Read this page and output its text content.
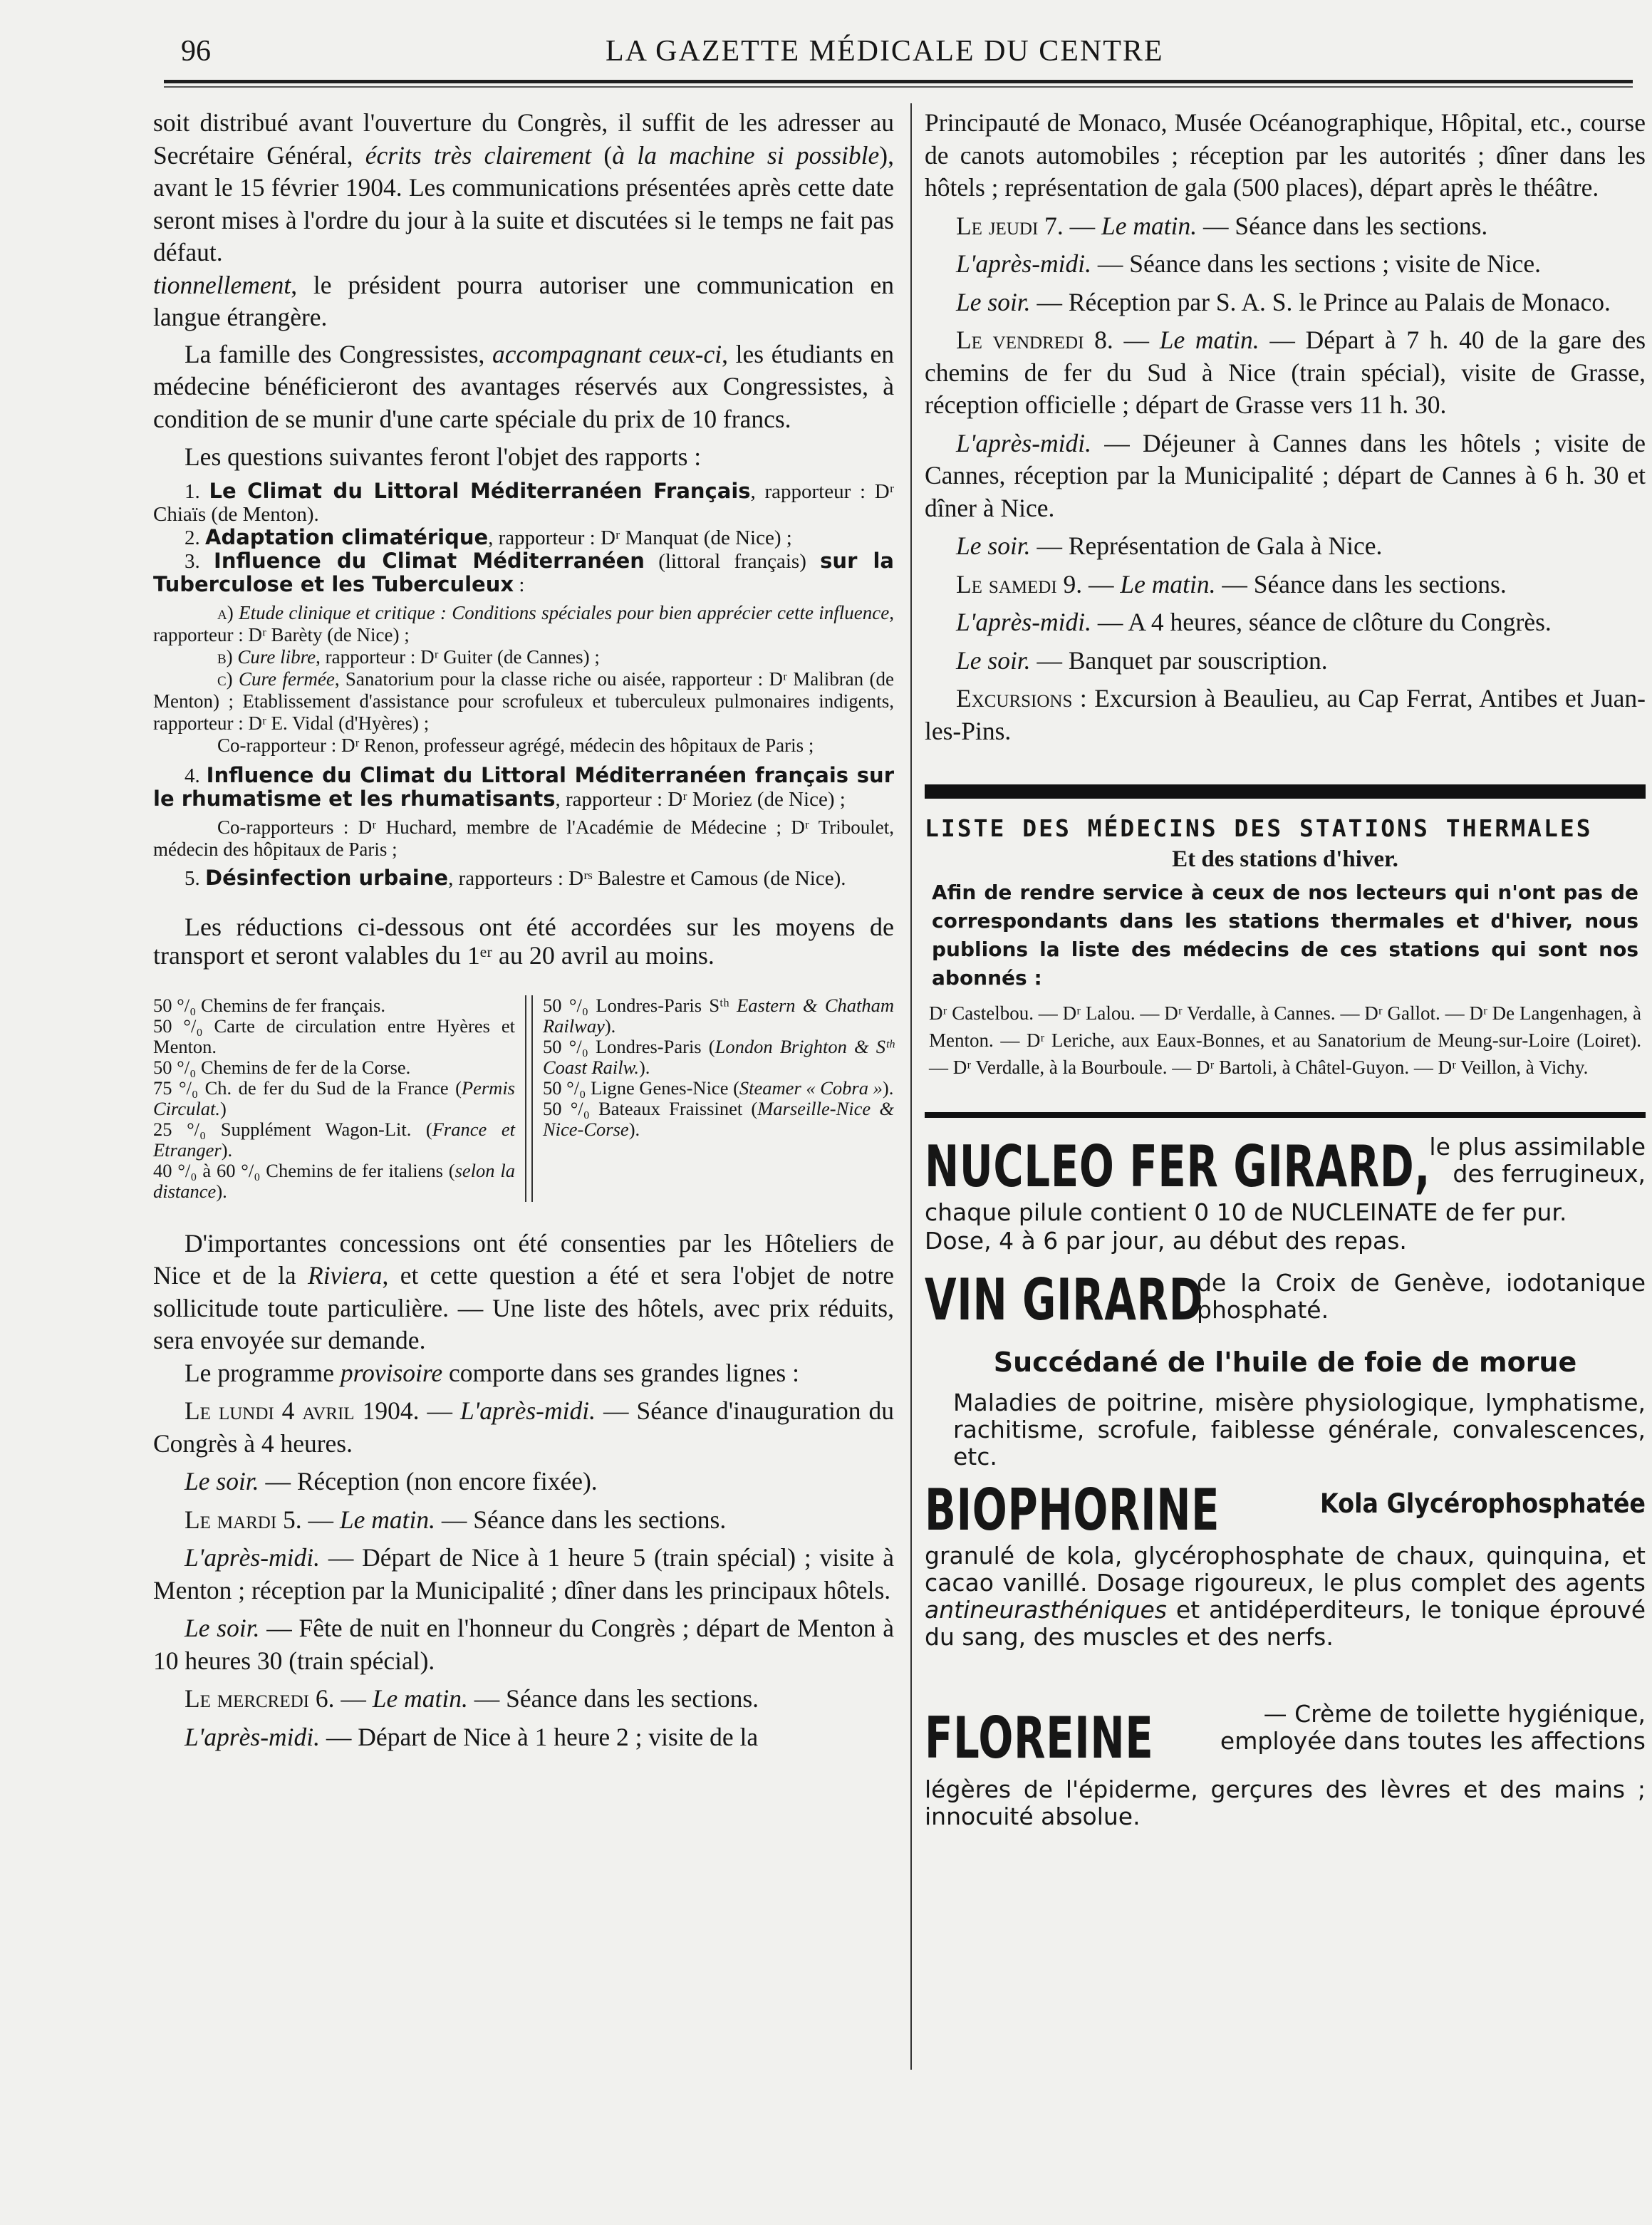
96	LA GAZETTE MÉDICALE DU CENTRE

soit distribué avant l'ouverture du Congrès, il suffit de les adresser au Secrétaire Général, écrits très clairement (à la machine si possible), avant le 15 février 1904. Les communications présentées après cette date seront mises à l'ordre du jour à la suite et discutées si le temps ne fait pas défaut.

tionnellement, le président pourra autoriser une communication en langue étrangère.

La famille des Congressistes, accompagnant ceux-ci, les étudiants en médecine bénéficieront des avantages réservés aux Congressistes, à condition de se munir d'une carte spéciale du prix de 10 francs.

Les questions suivantes feront l'objet des rapports :

1. Le Climat du Littoral Méditerranéen Français, rapporteur : Dʳ Chiaïs (de Menton).

2. Adaptation climatérique, rapporteur : Dʳ Manquat (de Nice) ;

3. Influence du Climat Méditerranéen (littoral français) sur la Tuberculose et les Tuberculeux :

a) Etude clinique et critique : Conditions spéciales pour bien apprécier cette influence, rapporteur : Dʳ Barèty (de Nice) ;

b) Cure libre, rapporteur : Dʳ Guiter (de Cannes) ;

c) Cure fermée, Sanatorium pour la classe riche ou aisée, rapporteur : Dʳ Malibran (de Menton) ; Etablissement d'assistance pour scrofuleux et tuberculeux pulmonaires indigents, rapporteur : Dʳ E. Vidal (d'Hyères) ;

Co-rapporteur : Dʳ Renon, professeur agrégé, médecin des hôpitaux de Paris ;

4. Influence du Climat du Littoral Méditerranéen français sur le rhumatisme et les rhumatisants, rapporteur : Dʳ Moriez (de Nice) ;

Co-rapporteurs : Dʳ Huchard, membre de l'Académie de Médecine ; Dʳ Triboulet, médecin des hôpitaux de Paris ;

5. Désinfection urbaine, rapporteurs : Dʳˢ Balestre et Camous (de Nice).

Les réductions ci-dessous ont été accordées sur les moyens de transport et seront valables du 1ᵉʳ au 20 avril au moins.

50 °/₀ Chemins de fer français.
50 °/₀ Carte de circulation entre Hyères et Menton.
50 °/₀ Chemins de fer de la Corse.
75 °/₀ Ch. de fer du Sud de la France (Permis Circulat.)
25 °/₀ Supplément Wagon-Lit. (France et Etranger).
40 °/₀ à 60 °/₀ Chemins de fer italiens (selon la distance).
50 °/₀ Londres-Paris Sᵗʰ Eastern & Chatham Railway).
50 °/₀ Londres-Paris (London Brighton & Sᵗʰ Coast Railw.).
50 °/₀ Ligne Genes-Nice (Steamer « Cobra »).
50 °/₀ Bateaux Fraissinet (Marseille-Nice & Nice-Corse).

D'importantes concessions ont été consenties par les Hôteliers de Nice et de la Riviera, et cette question a été et sera l'objet de notre sollicitude toute particulière. — Une liste des hôtels, avec prix réduits, sera envoyée sur demande.

Le programme provisoire comporte dans ses grandes lignes :

Le lundi 4 avril 1904. — L'après-midi. — Séance d'inauguration du Congrès à 4 heures.

Le soir. — Réception (non encore fixée).

Le mardi 5. — Le matin. — Séance dans les sections.

L'après-midi. — Départ de Nice à 1 heure 5 (train spécial) ; visite à Menton ; réception par la Municipalité ; dîner dans les principaux hôtels.

Le soir. — Fête de nuit en l'honneur du Congrès ; départ de Menton à 10 heures 30 (train spécial).

Le mercredi 6. — Le matin. — Séance dans les sections.

L'après-midi. — Départ de Nice à 1 heure 2 ; visite de la

Principauté de Monaco, Musée Océanographique, Hôpital, etc., course de canots automobiles ; réception par les autorités ; dîner dans les hôtels ; représentation de gala (500 places), départ après le théâtre.

Le jeudi 7. — Le matin. — Séance dans les sections.

L'après-midi. — Séance dans les sections ; visite de Nice.

Le soir. — Réception par S. A. S. le Prince au Palais de Monaco.

Le vendredi 8. — Le matin. — Départ à 7 h. 40 de la gare des chemins de fer du Sud à Nice (train spécial), visite de Grasse, réception officielle ; départ de Grasse vers 11 h. 30.

L'après-midi. — Déjeuner à Cannes dans les hôtels ; visite de Cannes, réception par la Municipalité ; départ de Cannes à 6 h. 30 et dîner à Nice.

Le soir. — Représentation de Gala à Nice.

Le samedi 9. — Le matin. — Séance dans les sections.

L'après-midi. — A 4 heures, séance de clôture du Congrès.

Le soir. — Banquet par souscription.

Excursions : Excursion à Beaulieu, au Cap Ferrat, Antibes et Juan-les-Pins.

LISTE DES MÉDECINS DES STATIONS THERMALES
Et des stations d'hiver.

Afin de rendre service à ceux de nos lecteurs qui n'ont pas de correspondants dans les stations thermales et d'hiver, nous publions la liste des médecins de ces stations qui sont nos abonnés :

Dʳ Castelbou. — Dʳ Lalou. — Dʳ Verdalle, à Cannes. — Dʳ Gallot. — Dʳ De Langenhagen, à Menton. — Dʳ Leriche, aux Eaux-Bonnes, et au Sanatorium de Meung-sur-Loire (Loiret). — Dʳ Verdalle, à la Bourboule. — Dʳ Bartoli, à Châtel-Guyon. — Dʳ Veillon, à Vichy.

NUCLEO FER GIRARD,
le plus assimilable des ferrugineux,

chaque pilule contient 0 10 de NUCLEINATE de fer pur.

Dose, 4 à 6 par jour, au début des repas.

VIN GIRARD
de la Croix de Genève, iodotanique phosphaté.

Succédané de l'huile de foie de morue

Maladies de poitrine, misère physiologique, lymphatisme, rachitisme, scrofule, faiblesse générale, convalescences, etc.

BIOPHORINE	Kola Glycérophosphatée

granulé de kola, glycérophosphate de chaux, quinquina, et cacao vanillé. Dosage rigoureux, le plus complet des agents antineurasthéniques et antidéperditeurs, le tonique éprouvé du sang, des muscles et des nerfs.

FLOREINE	— Crème de toilette hygiénique, employée dans toutes les affections

légères de l'épiderme, gerçures des lèvres et des mains ; innocuité absolue.
